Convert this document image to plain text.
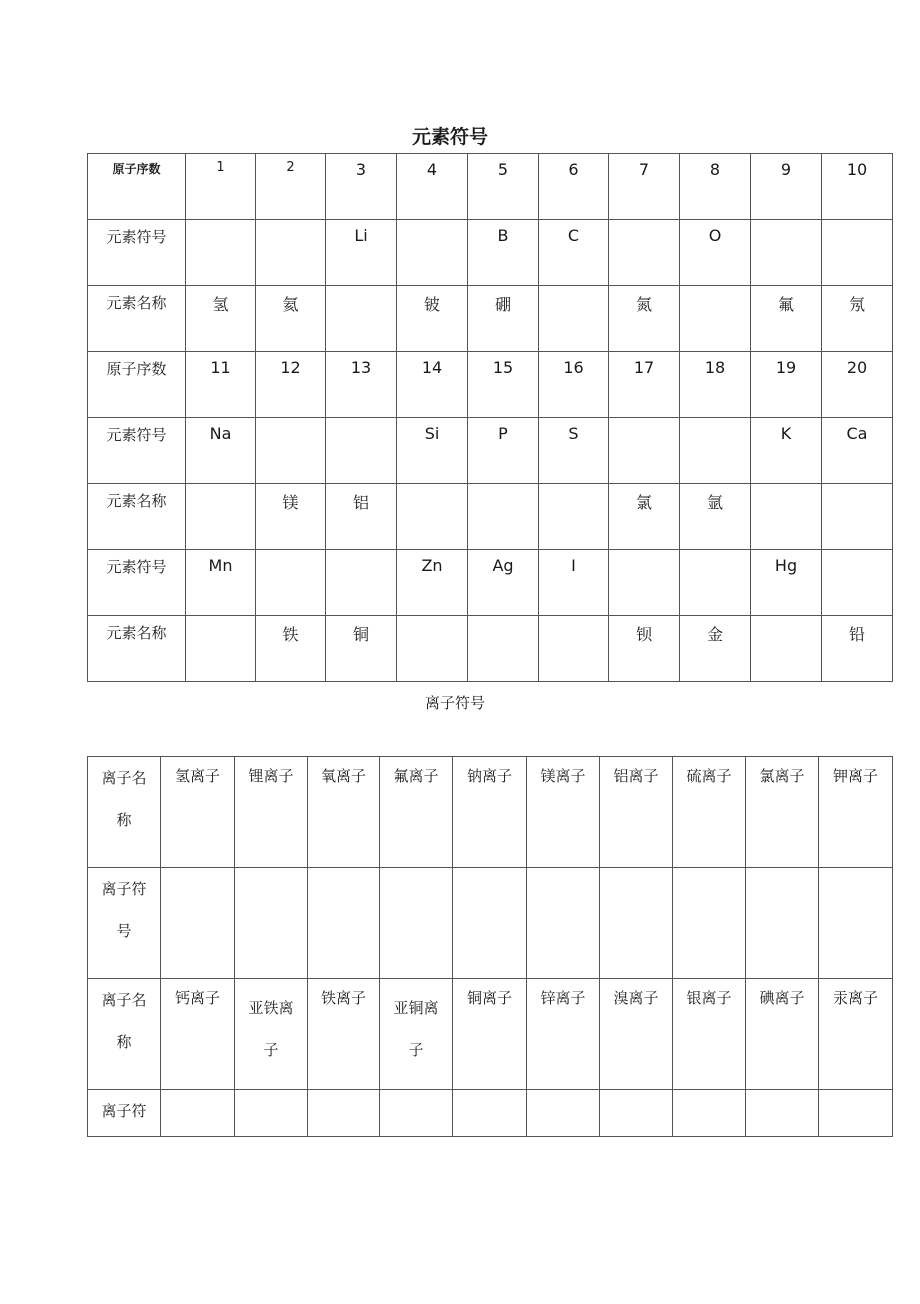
元素符号
原子序数	1	2	3	4	5	6	7	8	9	10
元素符号			Li		B	C		O		
元素名称	氢	氦		铍	硼		氮		氟	氖
原子序数	11	12	13	14	15	16	17	18	19	20
元素符号	Na			Si	P	S			K	Ca
元素名称		镁	铝				氯	氩		
元素符号	Mn			Zn	Ag	I			Hg	
元素名称		铁	铜				钡	金		铅
离子符号
离子名称	氢离子	锂离子	氧离子	氟离子	钠离子	镁离子	铝离子	硫离子	氯离子	钾离子

离子符号										

离子名称	钙离子	亚铁离子	铁离子	亚铜离子	铜离子	锌离子	溴离子	银离子	碘离子	汞离子

离子符										
